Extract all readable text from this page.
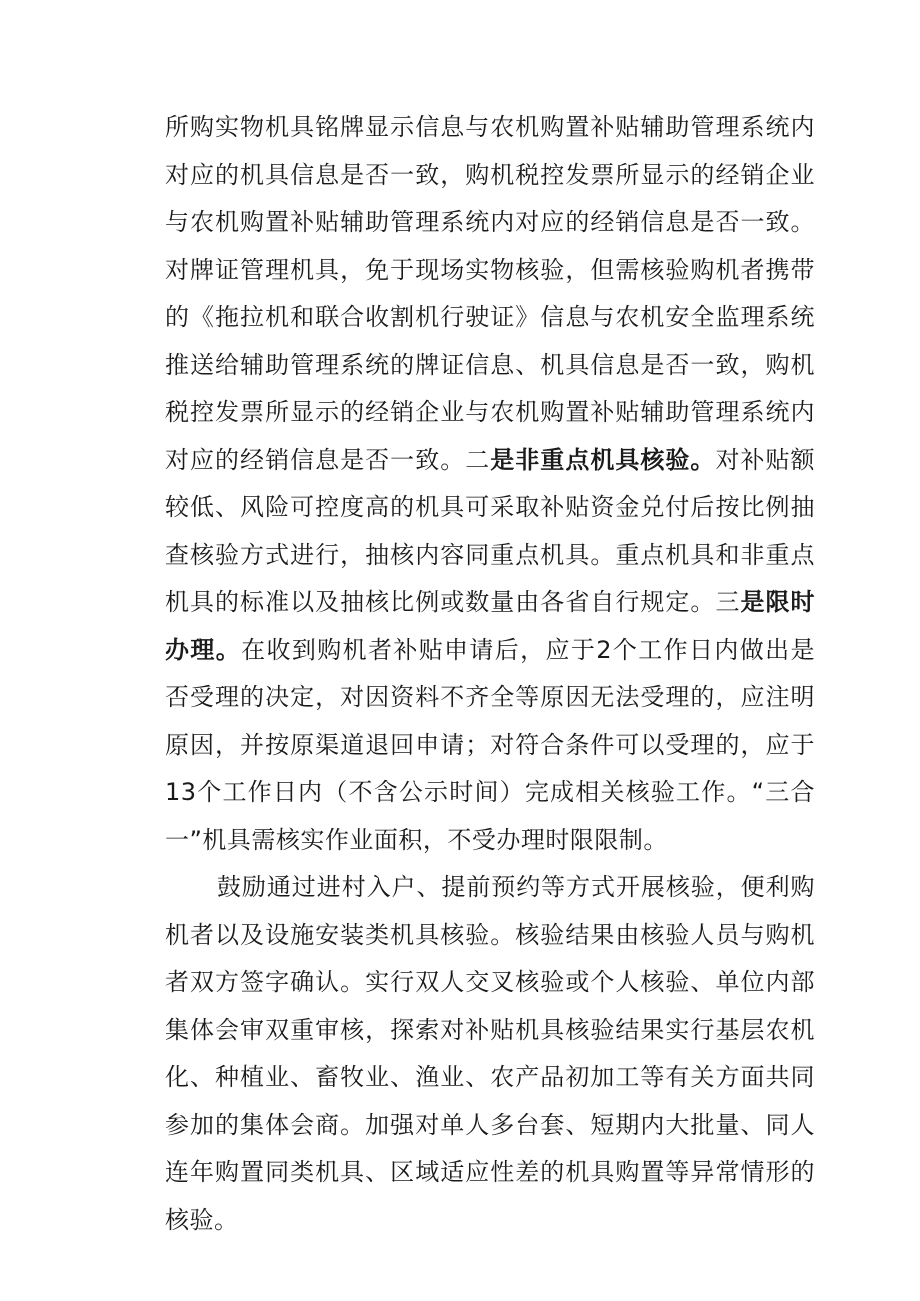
所购实物机具铭牌显示信息与农机购置补贴辅助管理系统内对应的机具信息是否一致，购机税控发票所显示的经销企业与农机购置补贴辅助管理系统内对应的经销信息是否一致。对牌证管理机具，免于现场实物核验，但需核验购机者携带的《拖拉机和联合收割机行驶证》信息与农机安全监理系统推送给辅助管理系统的牌证信息、机具信息是否一致，购机税控发票所显示的经销企业与农机购置补贴辅助管理系统内对应的经销信息是否一致。二是非重点机具核验。对补贴额较低、风险可控度高的机具可采取补贴资金兑付后按比例抽查核验方式进行，抽核内容同重点机具。重点机具和非重点机具的标准以及抽核比例或数量由各省自行规定。三是限时办理。在收到购机者补贴申请后，应于2个工作日内做出是否受理的决定，对因资料不齐全等原因无法受理的，应注明原因，并按原渠道退回申请；对符合条件可以受理的，应于13个工作日内（不含公示时间）完成相关核验工作。“三合一”机具需核实作业面积，不受办理时限限制。

鼓励通过进村入户、提前预约等方式开展核验，便利购机者以及设施安装类机具核验。核验结果由核验人员与购机者双方签字确认。实行双人交叉核验或个人核验、单位内部集体会审双重审核，探索对补贴机具核验结果实行基层农机化、种植业、畜牧业、渔业、农产品初加工等有关方面共同参加的集体会商。加强对单人多台套、短期内大批量、同人连年购置同类机具、区域适应性差的机具购置等异常情形的核验。
